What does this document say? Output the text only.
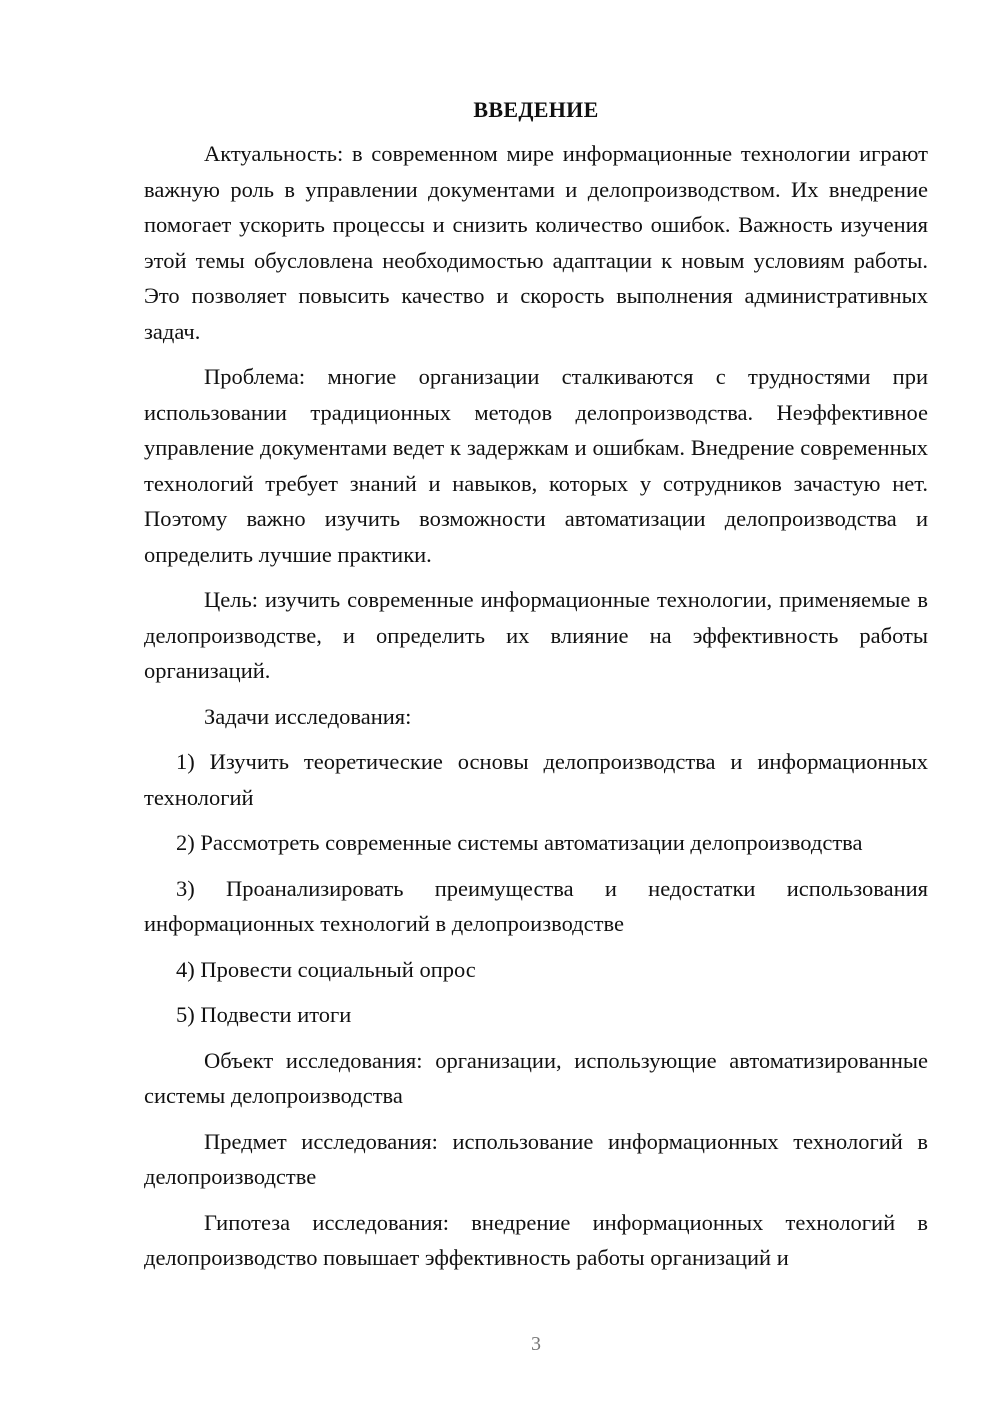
ВВЕДЕНИЕ

Актуальность: в современном мире информационные технологии играют важную роль в управлении документами и делопроизводством. Их внедрение помогает ускорить процессы и снизить количество ошибок. Важность изучения этой темы обусловлена необходимостью адаптации к новым условиям работы. Это позволяет повысить качество и скорость выполнения административных задач.

Проблема: многие организации сталкиваются с трудностями при использовании традиционных методов делопроизводства. Неэффективное управление документами ведет к задержкам и ошибкам. Внедрение современных технологий требует знаний и навыков, которых у сотрудников зачастую нет. Поэтому важно изучить возможности автоматизации делопроизводства и определить лучшие практики.

Цель: изучить современные информационные технологии, применяемые в делопроизводстве, и определить их влияние на эффективность работы организаций.

Задачи исследования:

1) Изучить теоретические основы делопроизводства и информационных технологий

2) Рассмотреть современные системы автоматизации делопроизводства

3) Проанализировать преимущества и недостатки использования информационных технологий в делопроизводстве

4) Провести социальный опрос

5) Подвести итоги

Объект исследования: организации, использующие автоматизированные системы делопроизводства

Предмет исследования: использование информационных технологий в делопроизводстве

Гипотеза исследования: внедрение информационных технологий в делопроизводство повышает эффективность работы организаций и

3
